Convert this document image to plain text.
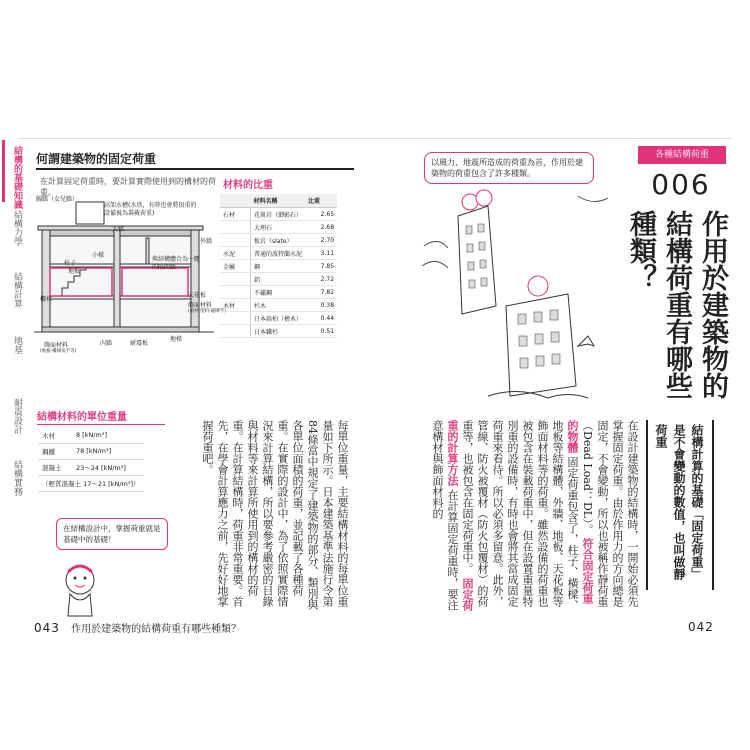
結構的基礎知識
結構力學
結構計算
地基
耐震設計
結構實務
何謂建築物的固定荷重
在計算固定荷重時，要計算實際使用到的構材的荷重。
胸牆（女兒牆）
高架水槽(水塔，有時也會將很重的設備視為裝載荷重)
大樑
小樑
柱子
地板
外牆
與結構體合為一體的隔間牆
樓梯
天花板
飾面材料
(板材·塗料·磁磚等)
飾面材料
(地板·樓梯扶手等)
內牆	耐震板
地樑
材料的比重
	材料名稱	比重
石材	花崗岩（御影石）	2.65
	大理石	2.68
	板岩（slate）	2.70
水泥	普通的波特蘭水泥	3.11
金屬	鋼	7.85
	鋁	2.72
	不鏽鋼	7.82
木材	杉木	0.38
	日本扁柏（檜木）	0.44
	日本鐵杉	0.51
結構材料的單位重量
木材	8 [kN/m³]
鋼鐵	78 [kN/m³]
混凝土	23～24 [kN/m³]
（輕質混凝土 17～21 [kN/m³]）	
在結構設計中，掌握荷重就是基礎中的基礎！	每單位重量，主要結構材料的每單位重量如下所示。日本建築基準法施行令第84條當中規定了建築物的部分、類別與各單位面積的荷重，並記載了各種荷重。在實際的設計中，為了依照實際情況來計算結構，所以要參考嚴密的目錄與材料等來計算所使用到的構材的荷重。在計算結構時，荷重非常重要。首先，在學會計算應力之前，先好好地掌握荷重吧。
043 作用於建築物的結構荷重有哪些種類？
各種結構荷重
006
作用於建築物的結構荷重有哪些種類？
以風力、地震所造成的荷重為首，作用於建築物的荷重包含了許多種類。
結構計算的基礎「固定荷重」是不會變動的數值，也叫做靜荷重
在設計建築物的結構時，一開始必須先掌握固定荷重。由於作用力的方向總是固定，不會變動，所以也被稱作靜荷重（Dead Load：DL）。 符合固定荷重的物體 固定荷重包含了，柱子、橫樑、地板等結構體，外牆、地板、天花板等飾面材料等的荷重。雖然設備的荷重也被包含在裝載荷重中，但在設置重量特別重的設備時，有時也會將其當成固定荷重來看待。所以必須多留意。此外，管線、防火被覆材（防火包覆材）的荷重等，也被包含在固定荷重中。 固定荷重的計算方法 在計算固定荷重時，要注意構材與飾面材料的
042
